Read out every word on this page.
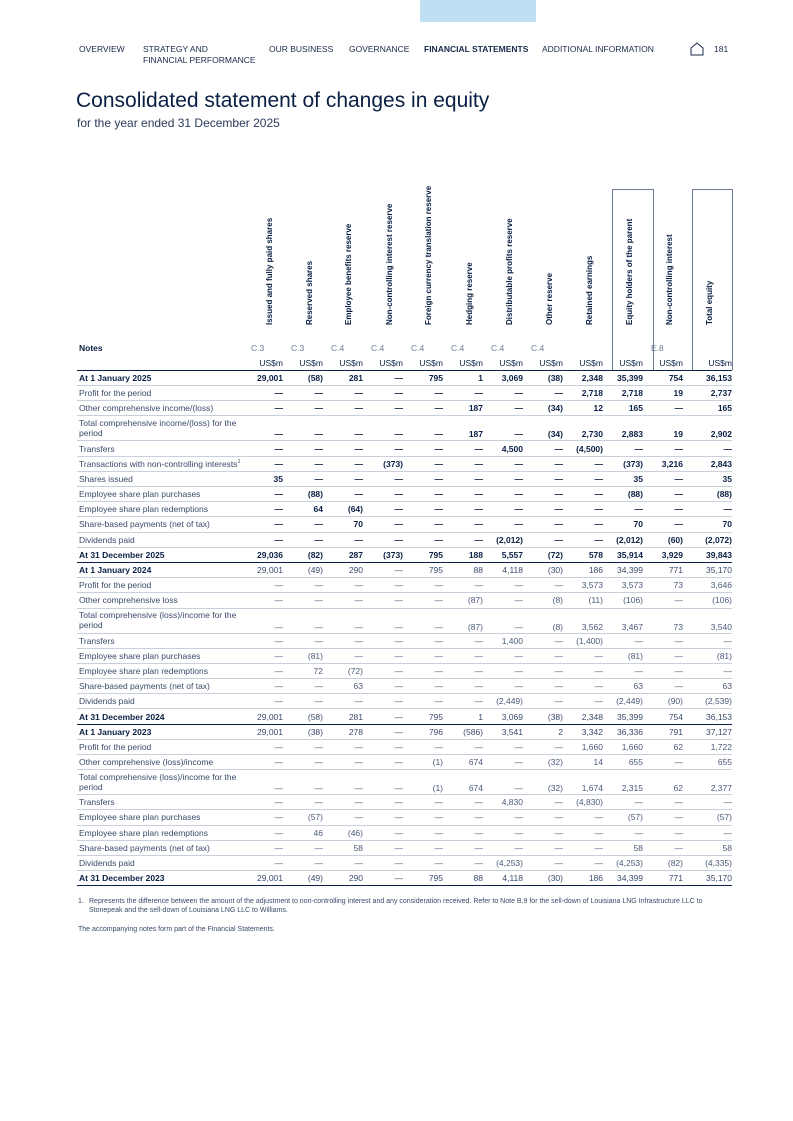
OVERVIEW STRATEGY AND
FINANCIAL PERFORMANCE
OUR BUSINESS GOVERNANCE FINANCIAL STATEMENTS ADDITIONAL INFORMATION	181
Consolidated statement of changes in equity
for the year ended 31 December 2025
Issued and fully paid shares	Reserved shares	Employee benefits reserve	Non-controlling interest reserve	Foreign currency translation reserve	Hedging reserve	Distributable profits reserve	Other reserve	Retained earnings	Equity holders of the parent	Non-controlling interest	Total equity
Notes	C.3	C.3	C.4	C.4	C.4	C.4	C.4	C.4			E.8	
	US$m	US$m	US$m	US$m	US$m	US$m	US$m	US$m	US$m	US$m	US$m	US$m
At 1 January 2025	29,001	(58)	281	—	795	1	3,069	(38)	2,348	35,399	754	36,153
Profit for the period	—	—	—	—	—	—	—	—	2,718	2,718	19	2,737
Other comprehensive income/(loss)	—	—	—	—	—	187	—	(34)	12	165	—	165
Total comprehensive income/(loss) for the period	—	—	—	—	—	187	—	(34)	2,730	2,883	19	2,902
Transfers	—	—	—	—	—	—	4,500	—	(4,500)	—	—	—
Transactions with non-controlling interests$^1$	—	—	—	(373)	—	—	—	—	—	(373)	3,216	2,843
Shares issued	35	—	—	—	—	—	—	—	—	35	—	35
Employee share plan purchases	—	(88)	—	—	—	—	—	—	—	(88)	—	(88)
Employee share plan redemptions	—	64	(64)	—	—	—	—	—	—	—	—	—
Share-based payments (net of tax)	—	—	70	—	—	—	—	—	—	70	—	70
Dividends paid	—	—	—	—	—	—	(2,012)	—	—	(2,012)	(60)	(2,072)
At 31 December 2025	29,036	(82)	287	(373)	795	188	5,557	(72)	578	35,914	3,929	39,843
At 1 January 2024	29,001	(49)	290	—	795	88	4,118	(30)	186	34,399	771	35,170
Profit for the period	—	—	—	—	—	—	—	—	3,573	3,573	73	3,646
Other comprehensive loss	—	—	—	—	—	(87)	—	(8)	(11)	(106)	—	(106)
Total comprehensive (loss)/income for the period	—	—	—	—	—	(87)	—	(8)	3,562	3,467	73	3,540
Transfers	—	—	—	—	—	—	1,400	—	(1,400)	—	—	—
Employee share plan purchases	—	(81)	—	—	—	—	—	—	—	(81)	—	(81)
Employee share plan redemptions	—	72	(72)	—	—	—	—	—	—	—	—	—
Share-based payments (net of tax)	—	—	63	—	—	—	—	—	—	63	—	63
Dividends paid	—	—	—	—	—	—	(2,449)	—	—	(2,449)	(90)	(2,539)
At 31 December 2024	29,001	(58)	281	—	795	1	3,069	(38)	2,348	35,399	754	36,153
At 1 January 2023	29,001	(38)	278	—	796	(586)	3,541	2	3,342	36,336	791	37,127
Profit for the period	—	—	—	—	—	—	—	—	1,660	1,660	62	1,722
Other comprehensive (loss)/income	—	—	—	—	(1)	674	—	(32)	14	655	—	655
Total comprehensive (loss)/income for the period	—	—	—	—	(1)	674	—	(32)	1,674	2,315	62	2,377
Transfers	—	—	—	—	—	—	4,830	—	(4,830)	—	—	—
Employee share plan purchases	—	(57)	—	—	—	—	—	—	—	(57)	—	(57)
Employee share plan redemptions	—	46	(46)	—	—	—	—	—	—	—	—	—
Share-based payments (net of tax)	—	—	58	—	—	—	—	—	—	58	—	58
Dividends paid	—	—	—	—	—	—	(4,253)	—	—	(4,253)	(82)	(4,335)
At 31 December 2023	29,001	(49)	290	—	795	88	4,118	(30)	186	34,399	771	35,170
1. Represents the difference between the amount of the adjustment to non-controlling interest and any consideration received. Refer to Note B.9 for the sell-down of Louisiana LNG Infrastructure LLC to Stonepeak and the sell-down of Louisiana LNG LLC to Williams.
The accompanying notes form part of the Financial Statements.
